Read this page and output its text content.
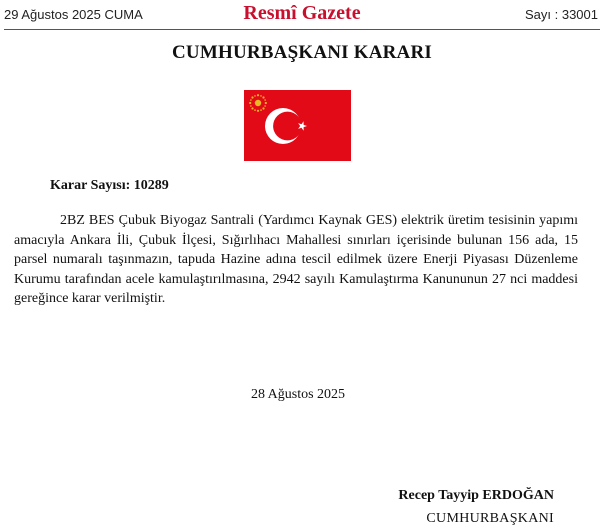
29 Ağustos 2025 CUMA	Resmî Gazete	Sayı : 33001
CUMHURBAŞKANI KARARI
Karar Sayısı: 10289

2BZ BES Çubuk Biyogaz Santrali (Yardımcı Kaynak GES) elektrik üretim tesisinin yapımı amacıyla Ankara İli, Çubuk İlçesi, Sığırlıhacı Mahallesi sınırları içerisinde bulunan 156 ada, 15 parsel numaralı taşınmazın, tapuda Hazine adına tescil edilmek üzere Enerji Piyasası Düzenleme Kurumu tarafından acele kamulaştırılmasına, 2942 sayılı Kamulaştırma Kanununun 27 nci maddesi gereğince karar verilmiştir.

28 Ağustos 2025
Recep Tayyip ERDOĞAN
CUMHURBAŞKANI
